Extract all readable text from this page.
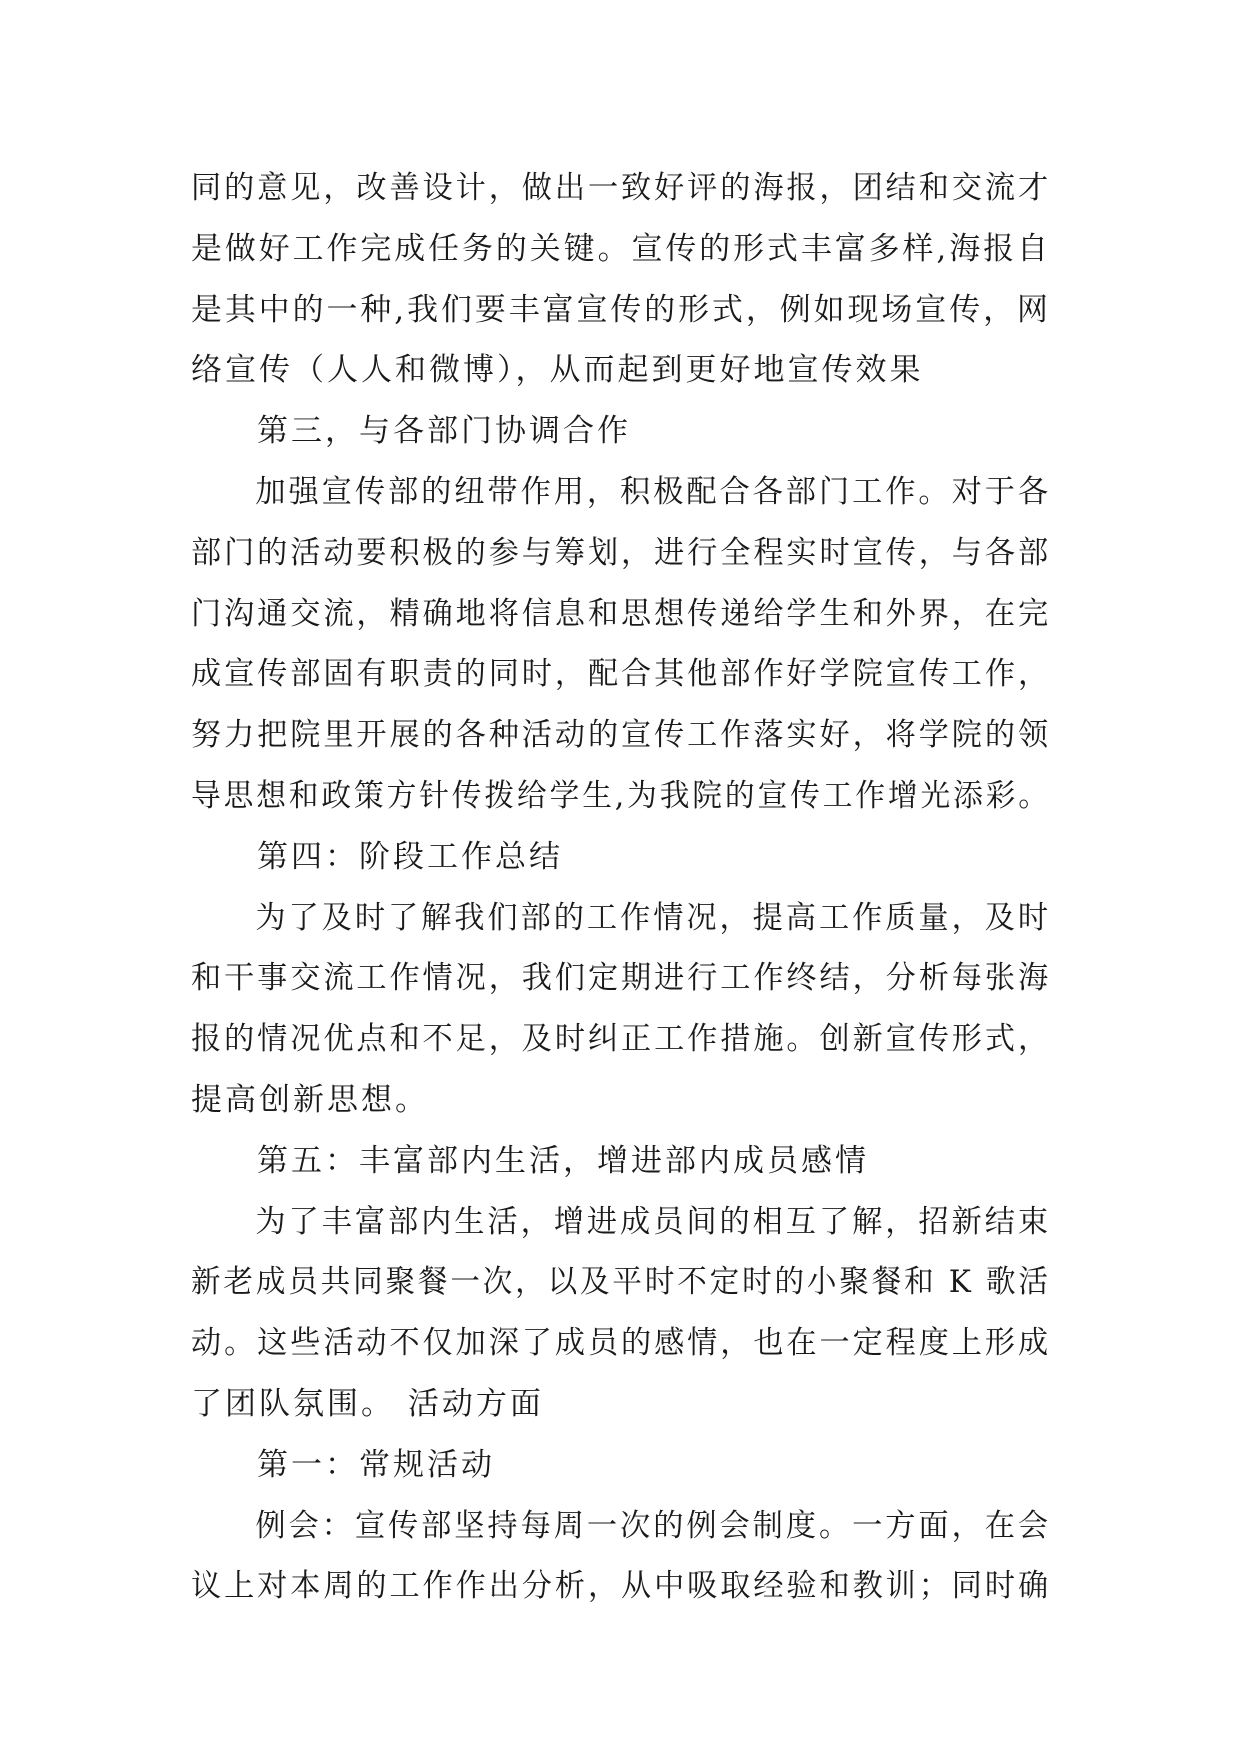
同的意见，改善设计，做出一致好评的海报，团结和交流才
是做好工作完成任务的关键。宣传的形式丰富多样,海报自
是其中的一种,我们要丰富宣传的形式，例如现场宣传，网
络宣传（人人和微博），从而起到更好地宣传效果
第三，与各部门协调合作
加强宣传部的纽带作用，积极配合各部门工作。对于各
部门的活动要积极的参与筹划，进行全程实时宣传，与各部
门沟通交流，精确地将信息和思想传递给学生和外界，在完
成宣传部固有职责的同时，配合其他部作好学院宣传工作，
努力把院里开展的各种活动的宣传工作落实好，将学院的领
导思想和政策方针传拨给学生,为我院的宣传工作增光添彩。
第四：阶段工作总结
为了及时了解我们部的工作情况，提高工作质量，及时
和干事交流工作情况，我们定期进行工作终结，分析每张海
报的情况优点和不足，及时纠正工作措施。创新宣传形式，
提高创新思想。
第五：丰富部内生活，增进部内成员感情
为了丰富部内生活，增进成员间的相互了解，招新结束
新老成员共同聚餐一次，以及平时不定时的小聚餐和 K 歌活
动。这些活动不仅加深了成员的感情，也在一定程度上形成
了团队氛围。 活动方面
第一：常规活动
例会：宣传部坚持每周一次的例会制度。一方面，在会
议上对本周的工作作出分析，从中吸取经验和教训；同时确
